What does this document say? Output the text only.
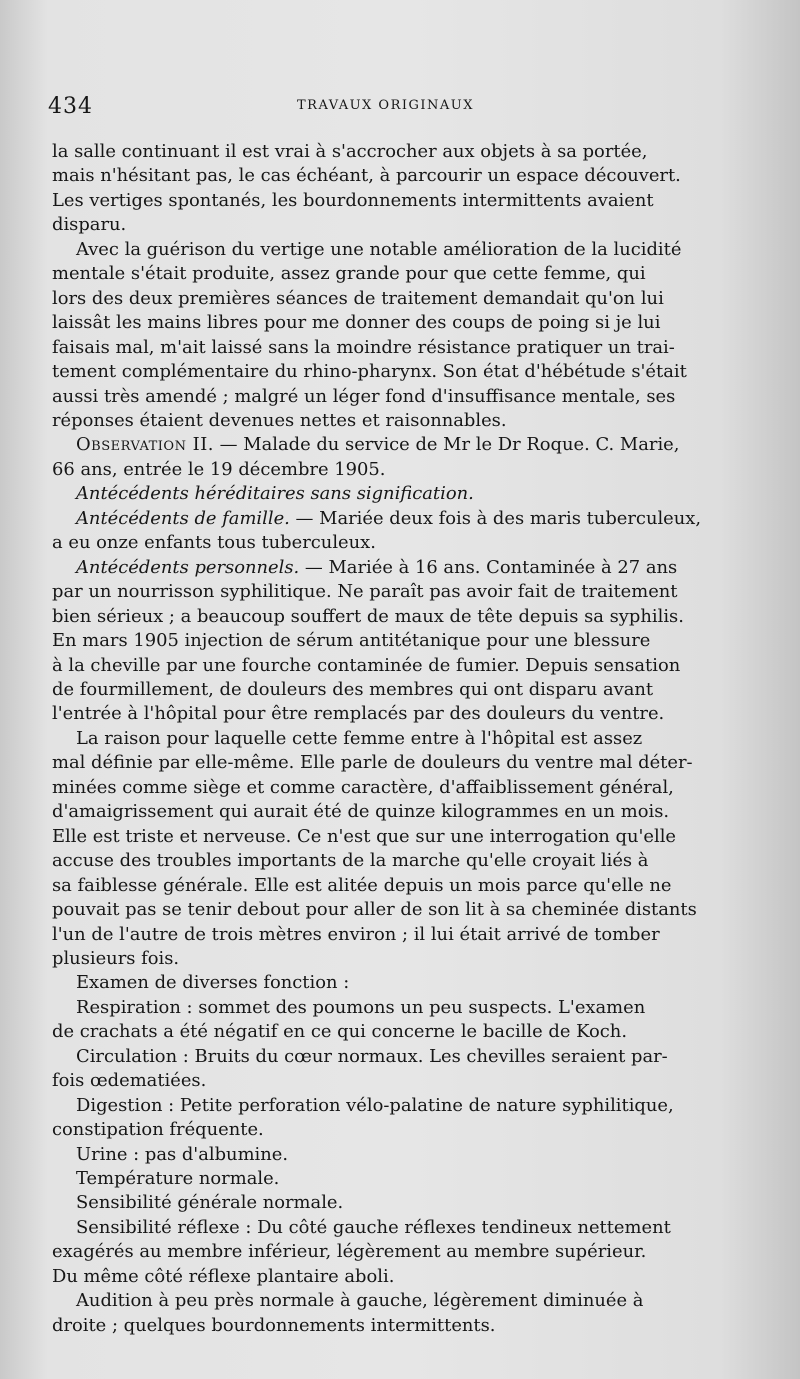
434	TRAVAUX ORIGINAUX
la salle continuant il est vrai à s'accrocher aux objets à sa portée,
mais n'hésitant pas, le cas échéant, à parcourir un espace découvert.
Les vertiges spontanés, les bourdonnements intermittents avaient
disparu.
Avec la guérison du vertige une notable amélioration de la lucidité
mentale s'était produite, assez grande pour que cette femme, qui
lors des deux premières séances de traitement demandait qu'on lui
laissât les mains libres pour me donner des coups de poing si je lui
faisais mal, m'ait laissé sans la moindre résistance pratiquer un trai-
tement complémentaire du rhino-pharynx. Son état d'hébétude s'était
aussi très amendé ; malgré un léger fond d'insuffisance mentale, ses
réponses étaient devenues nettes et raisonnables.
Observation II. — Malade du service de Mr le Dr Roque. C. Marie,
66 ans, entrée le 19 décembre 1905.
Antécédents héréditaires sans signification.
Antécédents de famille. — Mariée deux fois à des maris tuberculeux,
a eu onze enfants tous tuberculeux.
Antécédents personnels. — Mariée à 16 ans. Contaminée à 27 ans
par un nourrisson syphilitique. Ne paraît pas avoir fait de traitement
bien sérieux ; a beaucoup souffert de maux de tête depuis sa syphilis.
En mars 1905 injection de sérum antitétanique pour une blessure
à la cheville par une fourche contaminée de fumier. Depuis sensation
de fourmillement, de douleurs des membres qui ont disparu avant
l'entrée à l'hôpital pour être remplacés par des douleurs du ventre.
La raison pour laquelle cette femme entre à l'hôpital est assez
mal définie par elle-même. Elle parle de douleurs du ventre mal déter-
minées comme siège et comme caractère, d'affaiblissement général,
d'amaigrissement qui aurait été de quinze kilogrammes en un mois.
Elle est triste et nerveuse. Ce n'est que sur une interrogation qu'elle
accuse des troubles importants de la marche qu'elle croyait liés à
sa faiblesse générale. Elle est alitée depuis un mois parce qu'elle ne
pouvait pas se tenir debout pour aller de son lit à sa cheminée distants
l'un de l'autre de trois mètres environ ; il lui était arrivé de tomber
plusieurs fois.
Examen de diverses fonction :
Respiration : sommet des poumons un peu suspects. L'examen
de crachats a été négatif en ce qui concerne le bacille de Koch.
Circulation : Bruits du cœur normaux. Les chevilles seraient par-
fois œdematiées.
Digestion : Petite perforation vélo-palatine de nature syphilitique,
constipation fréquente.
Urine : pas d'albumine.
Température normale.
Sensibilité générale normale.
Sensibilité réflexe : Du côté gauche réflexes tendineux nettement
exagérés au membre inférieur, légèrement au membre supérieur.
Du même côté réflexe plantaire aboli.
Audition à peu près normale à gauche, légèrement diminuée à
droite ; quelques bourdonnements intermittents.
